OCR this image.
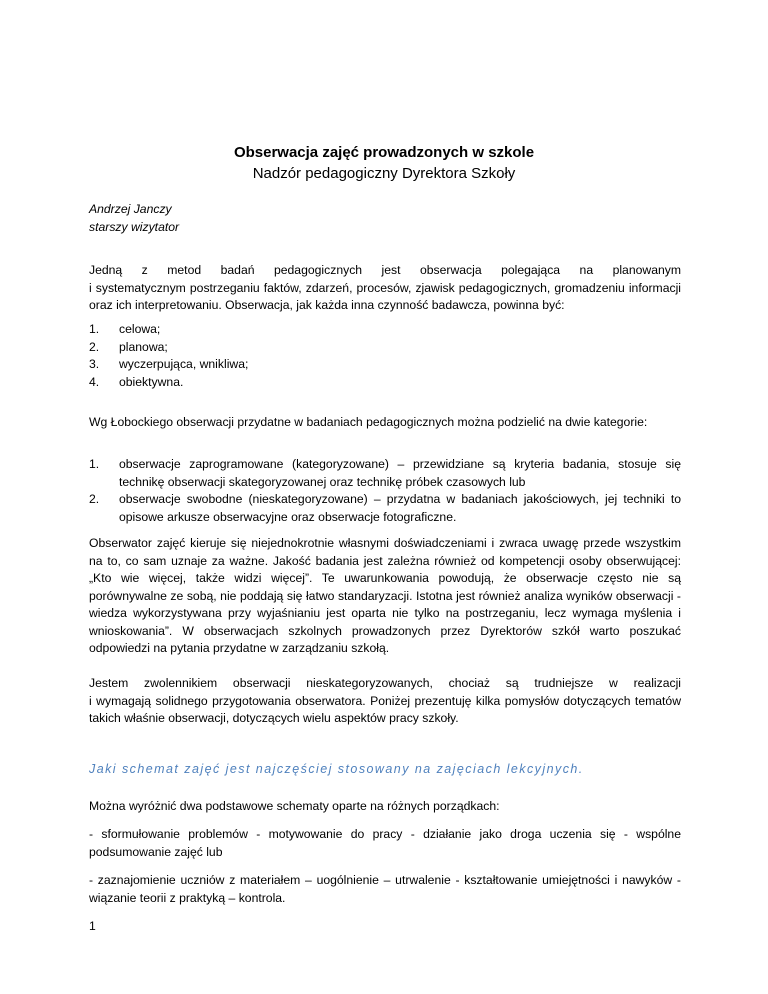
Obserwacja zajęć prowadzonych w szkole
Nadzór pedagogiczny Dyrektora Szkoły
Andrzej Janczy
starszy wizytator
Jedną z metod badań pedagogicznych jest obserwacja polegająca na planowanym
i systematycznym postrzeganiu faktów, zdarzeń, procesów, zjawisk pedagogicznych, gromadzeniu informacji oraz ich interpretowaniu. Obserwacja, jak każda inna czynność badawcza, powinna być:
1. celowa;
2. planowa;
3. wyczerpująca, wnikliwa;
4. obiektywna.
Wg Łobockiego obserwacji przydatne w badaniach pedagogicznych można podzielić na dwie kategorie:
1. obserwacje zaprogramowane (kategoryzowane) – przewidziane są kryteria badania, stosuje się technikę obserwacji skategoryzowanej oraz technikę próbek czasowych lub
2. obserwacje swobodne (nieskategoryzowane) – przydatna w badaniach jakościowych, jej techniki to opisowe arkusze obserwacyjne oraz obserwacje fotograficzne.
Obserwator zajęć kieruje się niejednokrotnie własnymi doświadczeniami i zwraca uwagę przede wszystkim na to, co sam uznaje za ważne. Jakość badania jest zależna również od kompetencji osoby obserwującej: „Kto wie więcej, także widzi więcej”. Te uwarunkowania powodują, że obserwacje często nie są porównywalne ze sobą, nie poddają się łatwo standaryzacji. Istotna jest również analiza wyników obserwacji - wiedza wykorzystywana przy wyjaśnianiu jest oparta nie tylko na postrzeganiu, lecz wymaga myślenia i wnioskowania”. W obserwacjach szkolnych prowadzonych przez Dyrektorów szkół warto poszukać odpowiedzi na pytania przydatne w zarządzaniu szkołą.
Jestem zwolennikiem obserwacji nieskategoryzowanych, chociaż są trudniejsze w realizacji
i wymagają solidnego przygotowania obserwatora. Poniżej prezentuję kilka pomysłów dotyczących tematów takich właśnie obserwacji, dotyczących wielu aspektów pracy szkoły.
Jaki schemat zajęć jest najczęściej stosowany na zajęciach lekcyjnych.
Można wyróżnić dwa podstawowe schematy oparte na różnych porządkach:
- sformułowanie problemów - motywowanie do pracy - działanie jako droga uczenia się - wspólne podsumowanie zajęć lub
- zaznajomienie uczniów z materiałem – uogólnienie – utrwalenie - kształtowanie umiejętności i nawyków - wiązanie teorii z praktyką – kontrola.
1
